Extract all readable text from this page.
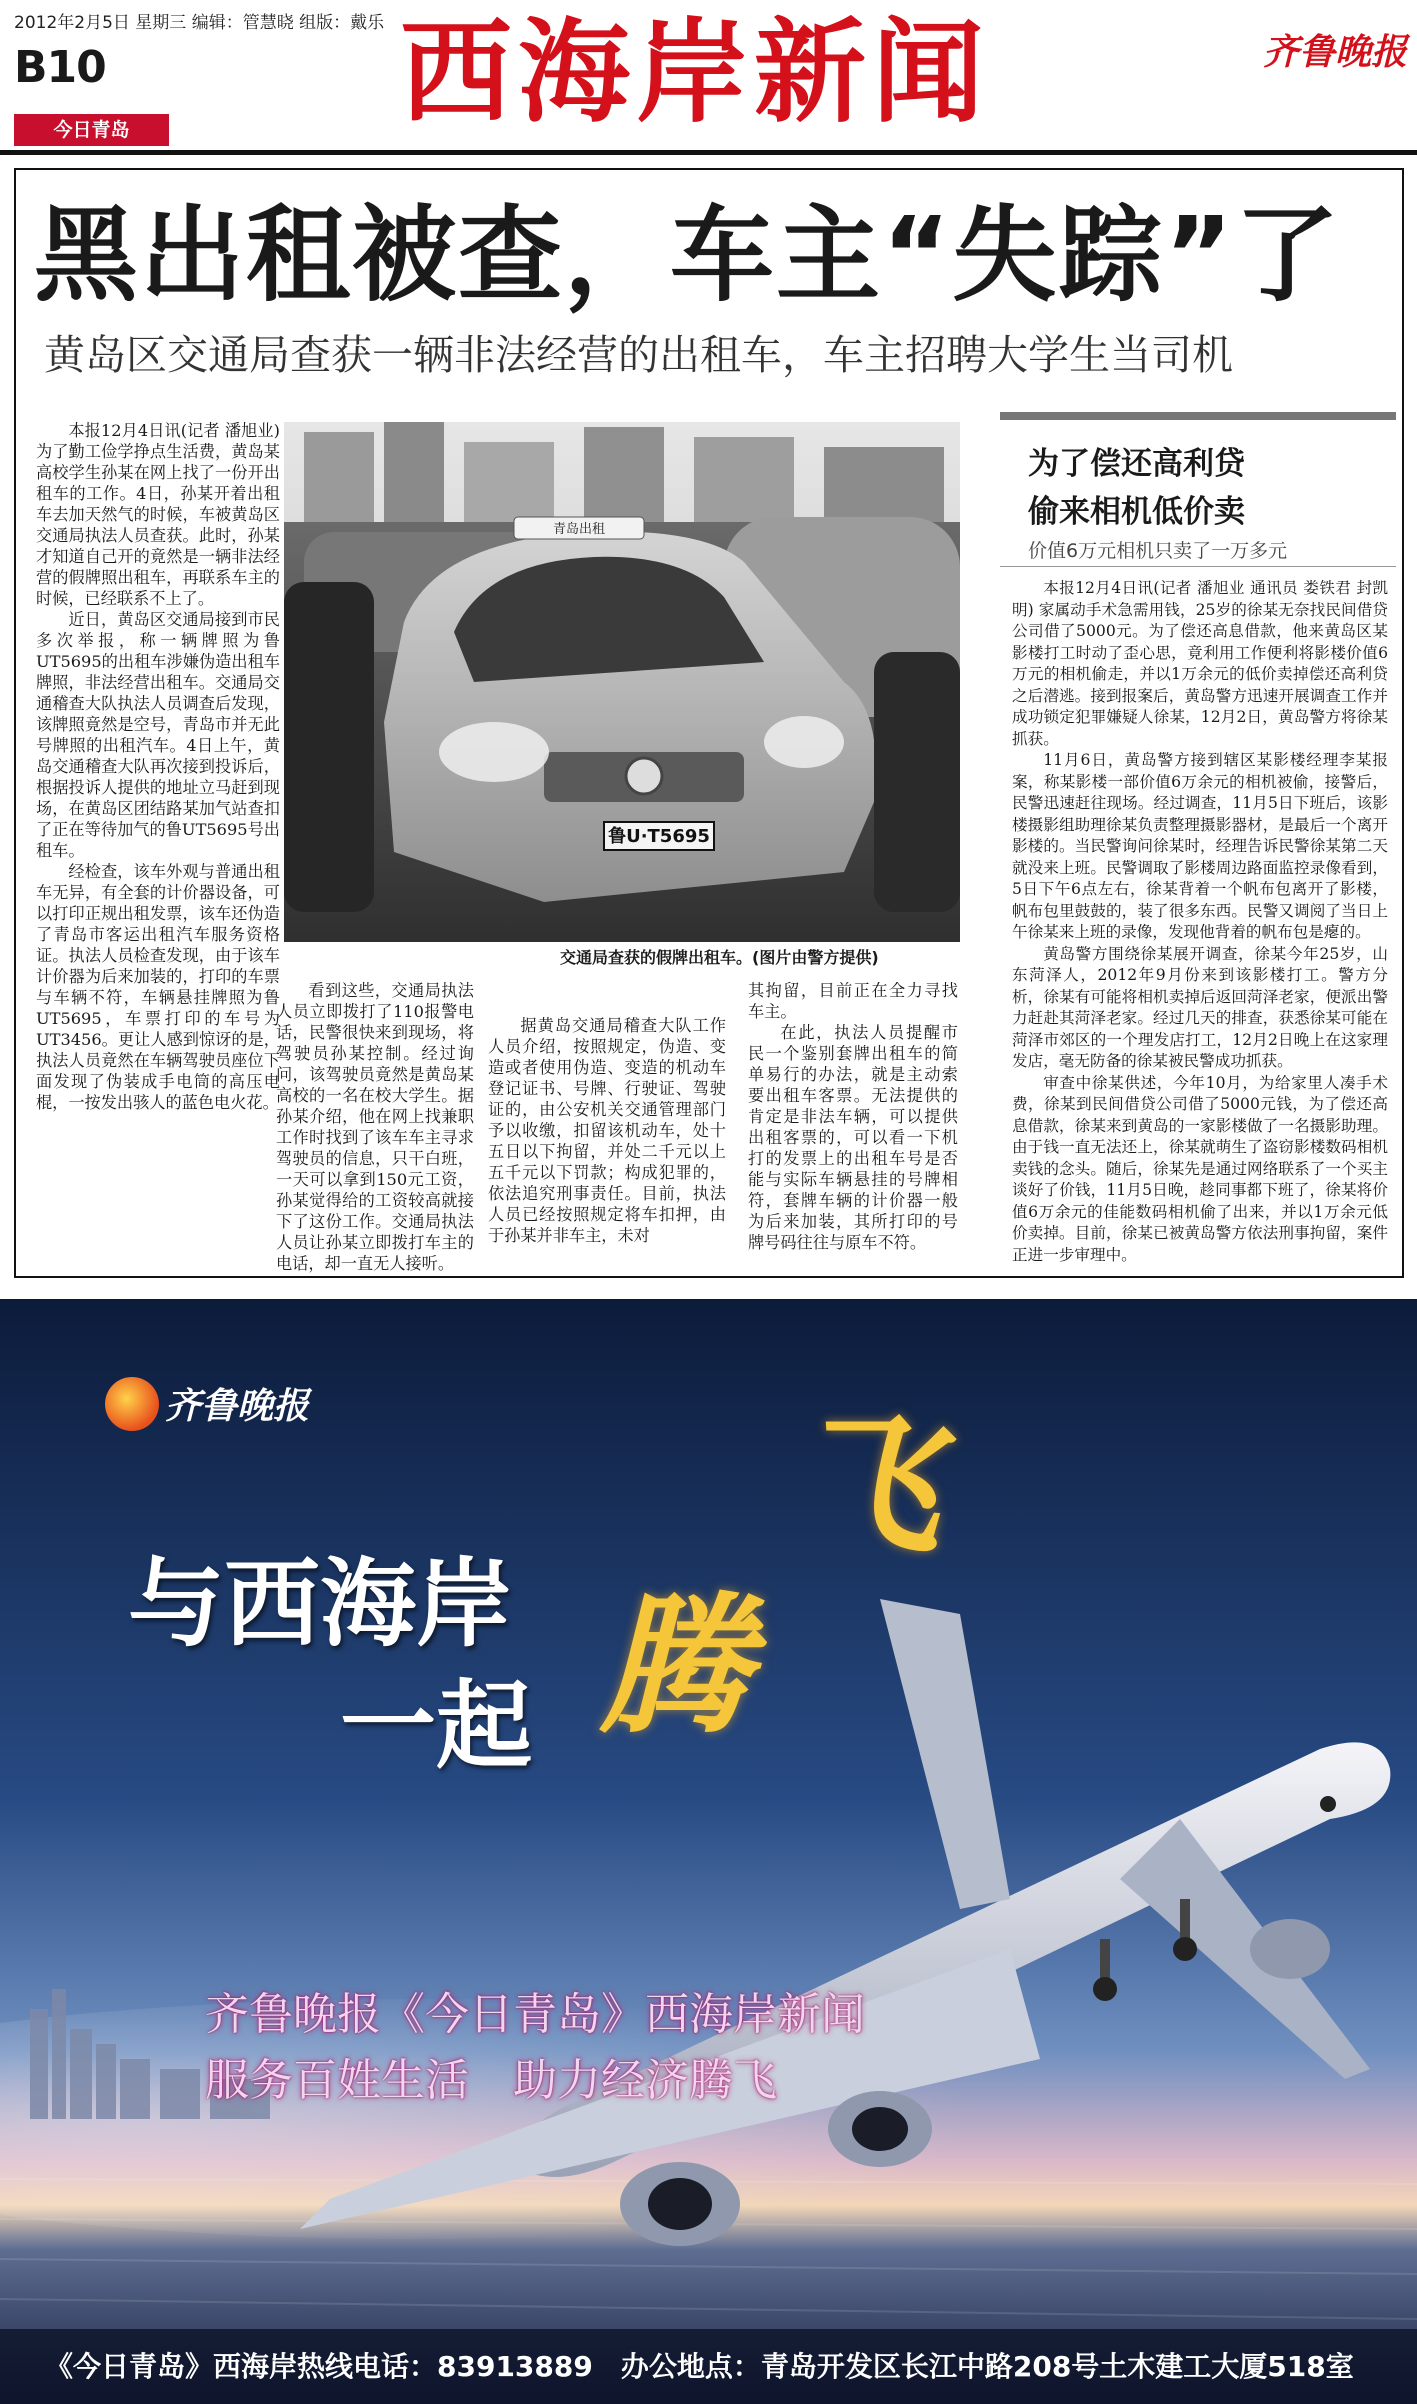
2012年2月5日 星期三 编辑：管慧晓 组版：戴乐
B10
今日青岛	西海岸新闻	齐鲁晚报
黑出租被查，车主“失踪”了
黄岛区交通局查获一辆非法经营的出租车，车主招聘大学生当司机

本报12月4日讯(记者 潘旭业) 为了勤工俭学挣点生活费，黄岛某高校学生孙某在网上找了一份开出租车的工作。4日，孙某开着出租车去加天然气的时候，车被黄岛区交通局执法人员查获。此时，孙某才知道自己开的竟然是一辆非法经营的假牌照出租车，再联系车主的时候，已经联系不上了。

近日，黄岛区交通局接到市民多次举报，称一辆牌照为鲁UT5695的出租车涉嫌伪造出租车牌照，非法经营出租车。交通局交通稽查大队执法人员调查后发现，该牌照竟然是空号，青岛市并无此号牌照的出租汽车。4日上午，黄岛交通稽查大队再次接到投诉后，根据投诉人提供的地址立马赶到现场，在黄岛区团结路某加气站查扣了正在等待加气的鲁UT5695号出租车。

经检查，该车外观与普通出租车无异，有全套的计价器设备，可以打印正规出租发票，该车还伪造了青岛市客运出租汽车服务资格证。执法人员检查发现，由于该车计价器为后来加装的，打印的车票与车辆不符，车辆悬挂牌照为鲁UT5695，车票打印的车号为UT3456。更让人感到惊讶的是，执法人员竟然在车辆驾驶员座位下面发现了伪装成手电筒的高压电棍，一按发出骇人的蓝色电火花。

青岛出租
鲁U·T5695
交通局查获的假牌出租车。(图片由警方提供)

看到这些，交通局执法人员立即拨打了110报警电话，民警很快来到现场，将驾驶员孙某控制。经过询问，该驾驶员竟然是黄岛某高校的一名在校大学生。据孙某介绍，他在网上找兼职工作时找到了该车车主寻求驾驶员的信息，只干白班，一天可以拿到150元工资，孙某觉得给的工资较高就接下了这份工作。交通局执法人员让孙某立即拨打车主的电话，却一直无人接听。

据黄岛交通局稽查大队工作人员介绍，按照规定，伪造、变造或者使用伪造、变造的机动车登记证书、号牌、行驶证、驾驶证的，由公安机关交通管理部门予以收缴，扣留该机动车，处十五日以下拘留，并处二千元以上五千元以下罚款；构成犯罪的，依法追究刑事责任。目前，执法人员已经按照规定将车扣押，由于孙某并非车主，未对

其拘留，目前正在全力寻找车主。

在此，执法人员提醒市民一个鉴别套牌出租车的简单易行的办法，就是主动索要出租车客票。无法提供的肯定是非法车辆，可以提供出租客票的，可以看一下机打的发票上的出租车号是否能与实际车辆悬挂的号牌相符，套牌车辆的计价器一般为后来加装，其所打印的号牌号码往往与原车不符。

为了偿还高利贷
偷来相机低价卖
价值6万元相机只卖了一万多元

本报12月4日讯(记者 潘旭业 通讯员 娄铁君 封凯明) 家属动手术急需用钱，25岁的徐某无奈找民间借贷公司借了5000元。为了偿还高息借款，他来黄岛区某影楼打工时动了歪心思，竟利用工作便利将影楼价值6万元的相机偷走，并以1万余元的低价卖掉偿还高利贷之后潜逃。接到报案后，黄岛警方迅速开展调查工作并成功锁定犯罪嫌疑人徐某，12月2日，黄岛警方将徐某抓获。

11月6日，黄岛警方接到辖区某影楼经理李某报案，称某影楼一部价值6万余元的相机被偷，接警后，民警迅速赶往现场。经过调查，11月5日下班后，该影楼摄影组助理徐某负责整理摄影器材，是最后一个离开影楼的。当民警询问徐某时，经理告诉民警徐某第二天就没来上班。民警调取了影楼周边路面监控录像看到，5日下午6点左右，徐某背着一个帆布包离开了影楼，帆布包里鼓鼓的，装了很多东西。民警又调阅了当日上午徐某来上班的录像，发现他背着的帆布包是瘪的。

黄岛警方围绕徐某展开调查，徐某今年25岁，山东菏泽人，2012年9月份来到该影楼打工。警方分析，徐某有可能将相机卖掉后返回菏泽老家，便派出警力赶赴其菏泽老家。经过几天的排查，获悉徐某可能在菏泽市郊区的一个理发店打工，12月2日晚上在这家理发店，毫无防备的徐某被民警成功抓获。

审查中徐某供述，今年10月，为给家里人凑手术费，徐某到民间借贷公司借了5000元钱，为了偿还高息借款，徐某来到黄岛的一家影楼做了一名摄影助理。由于钱一直无法还上，徐某就萌生了盗窃影楼数码相机卖钱的念头。随后，徐某先是通过网络联系了一个买主谈好了价钱，11月5日晚，趁同事都下班了，徐某将价值6万余元的佳能数码相机偷了出来，并以1万余元低价卖掉。目前，徐某已被黄岛警方依法刑事拘留，案件正进一步审理中。

齐鲁晚报
与西海岸
一起 腾
飞
齐鲁晚报《今日青岛》西海岸新闻
服务百姓生活　助力经济腾飞
《今日青岛》西海岸热线电话：83913889　办公地点：青岛开发区长江中路208号土木建工大厦518室
